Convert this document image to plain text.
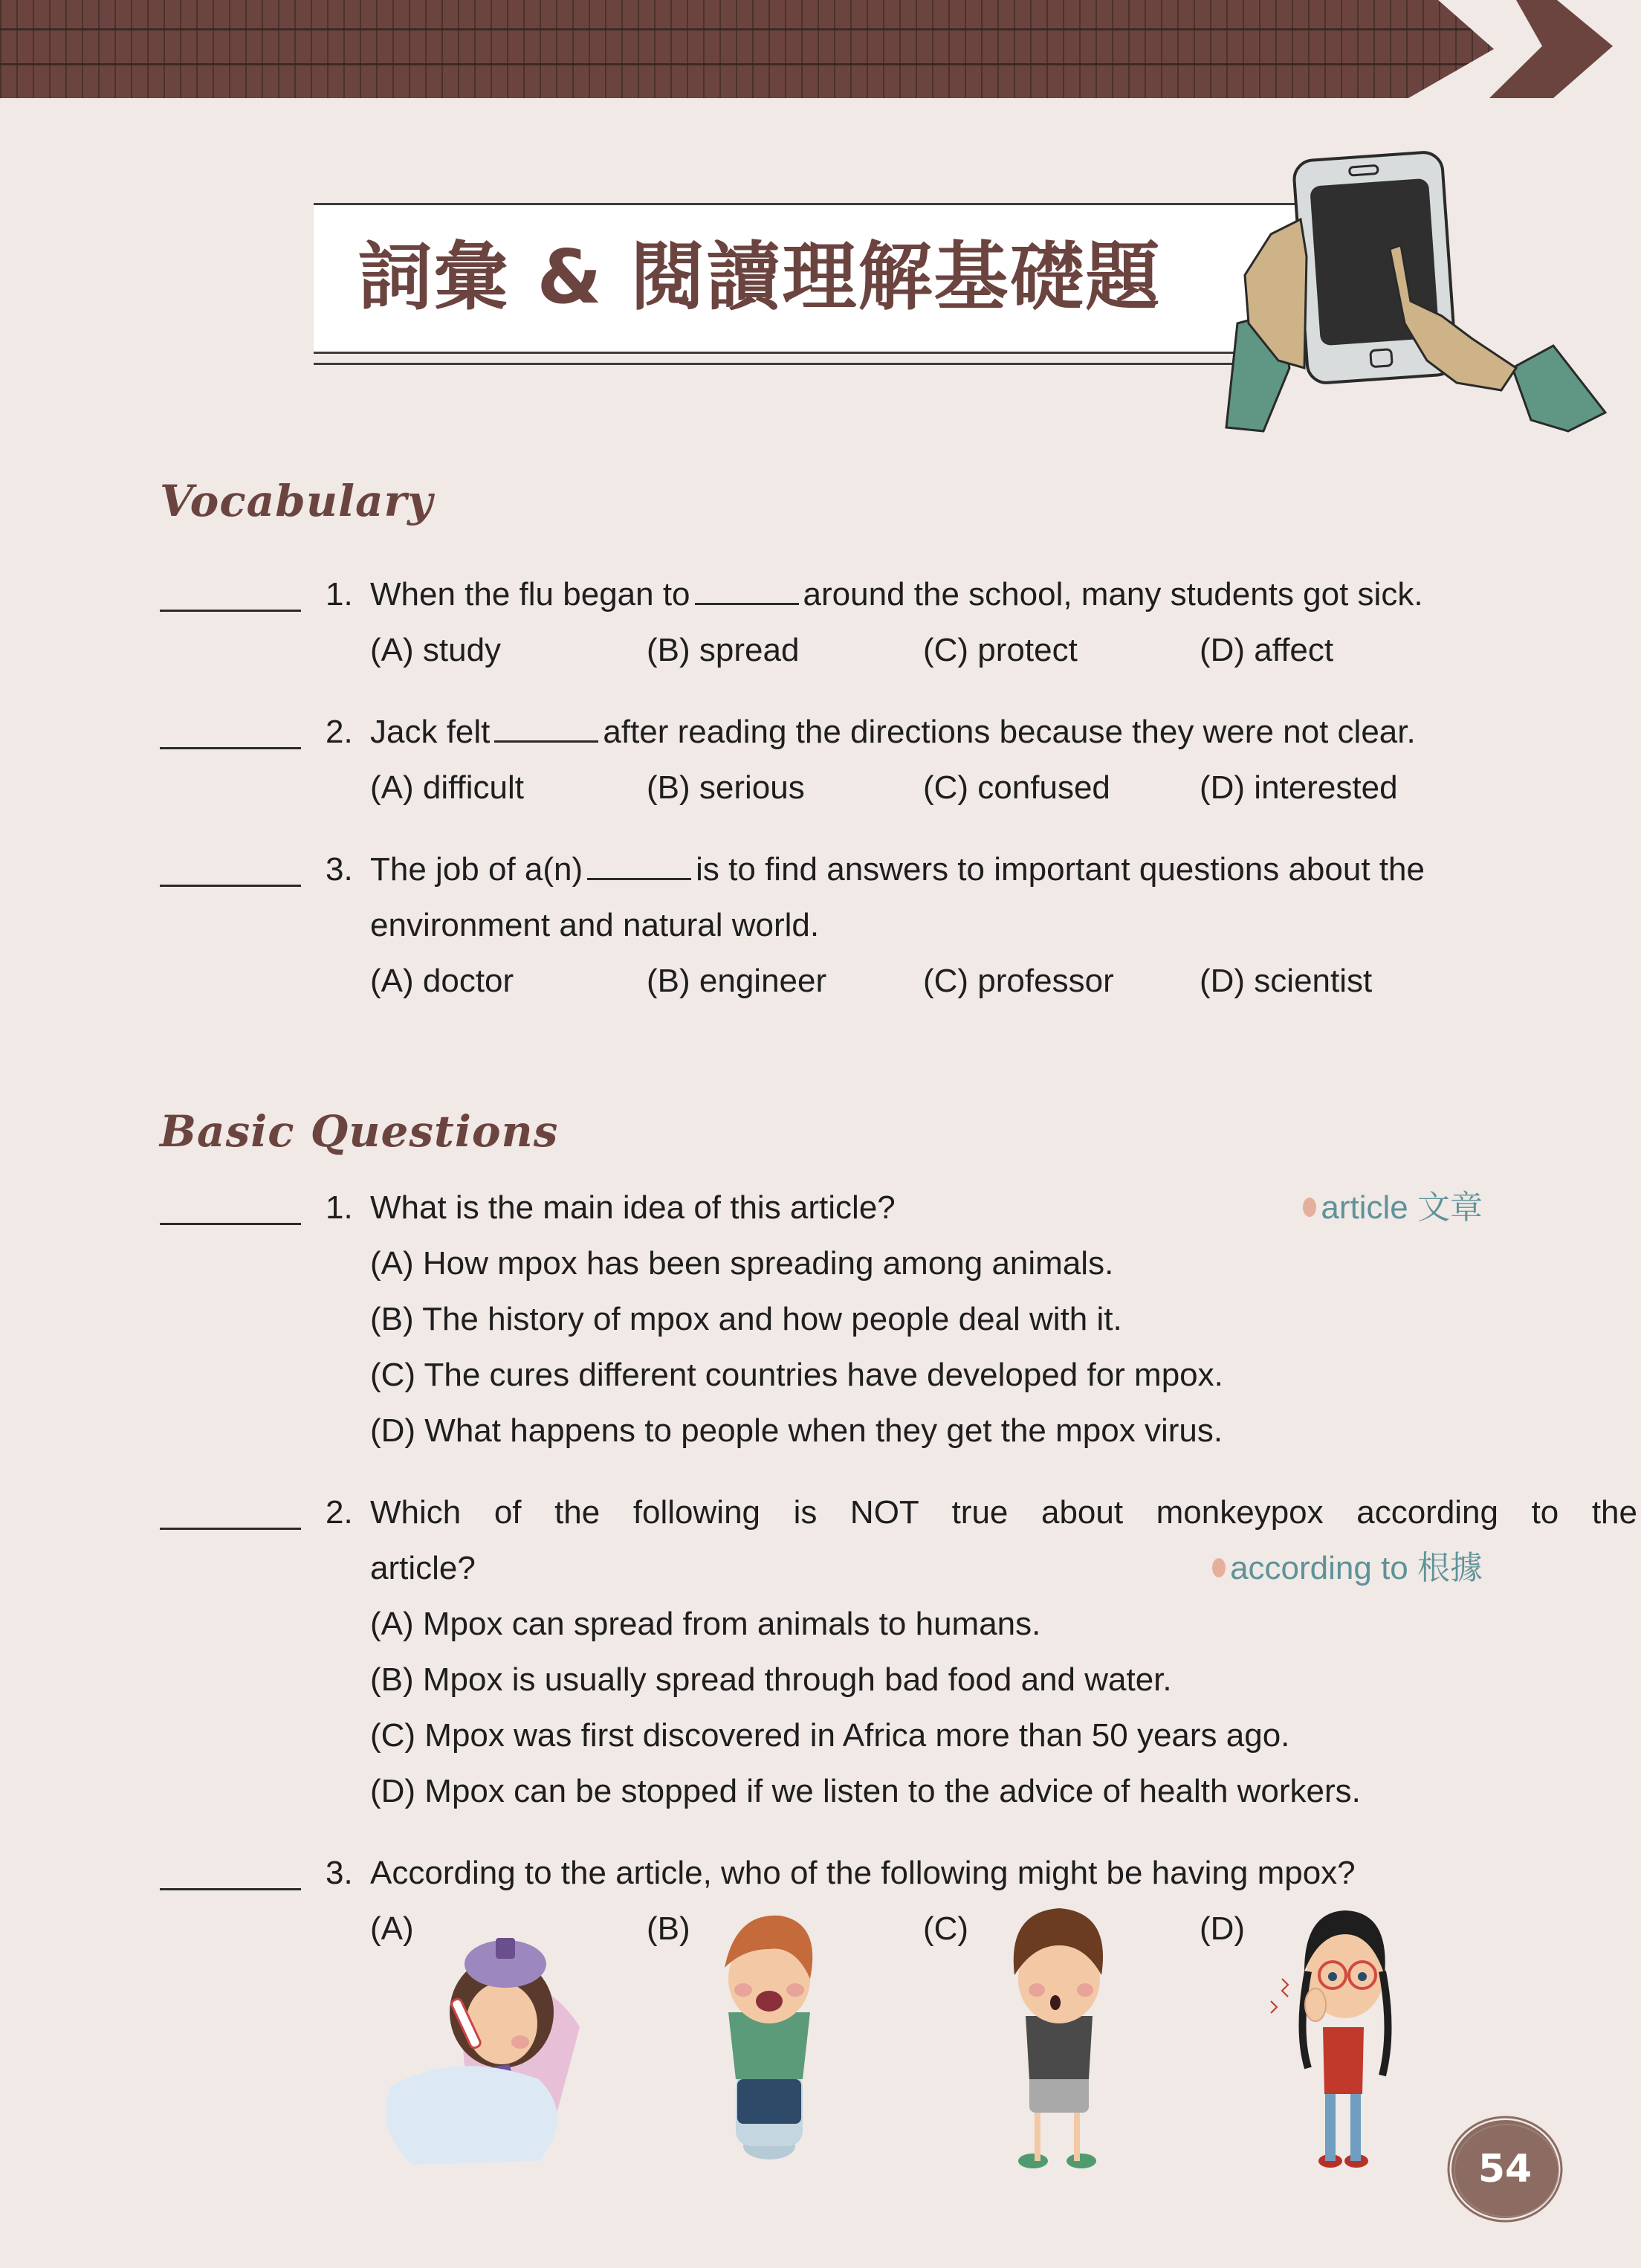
詞彙 & 閱讀理解基礎題
Vocabulary
1. When the flu began to	around the school, many students got sick.
(A) study	(B) spread	(C) protect	(D) affect
2. Jack felt	after reading the directions because they were not clear.
(A) difficult	(B) serious	(C) confused	(D) interested
3. The job of a(n)	is to find answers to important questions about the
environment and natural world.
(A) doctor	(B) engineer	(C) professor	(D) scientist
Basic Questions
1. What is the main idea of this article?	article 文章
(A) How mpox has been spreading among animals.
(B) The history of mpox and how people deal with it.
(C) The cures different countries have developed for mpox.
(D) What happens to people when they get the mpox virus.
2. Which of the following is NOT true about monkeypox according to the
article?	according to 根據
(A) Mpox can spread from animals to humans.
(B) Mpox is usually spread through bad food and water.
(C) Mpox was first discovered in Africa more than 50 years ago.
(D) Mpox can be stopped if we listen to the advice of health workers.
3. According to the article, who of the following might be having mpox?
(A)	(B)	(C)	(D)
54
